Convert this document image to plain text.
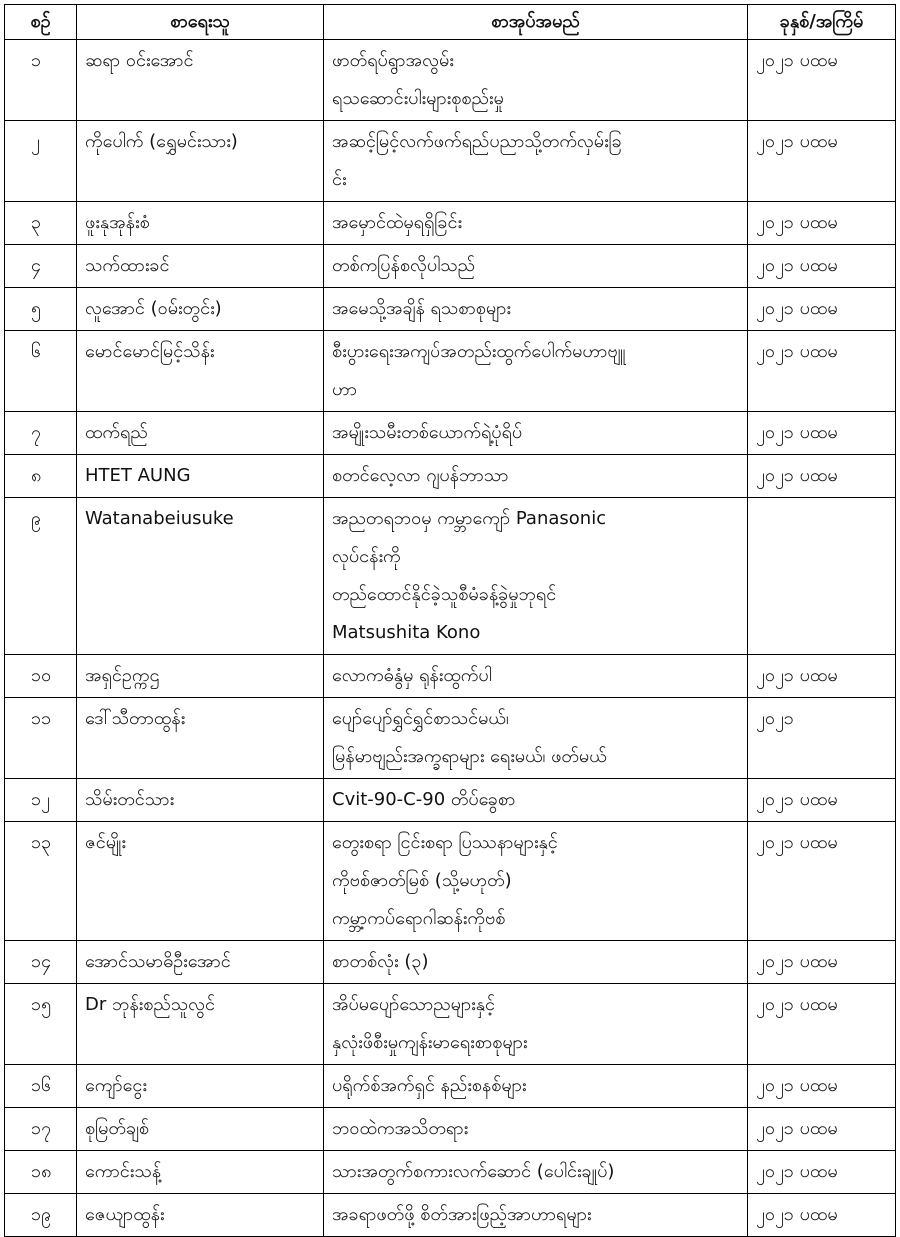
စဉ်	စာရေးသူ	စာအုပ်အမည်	ခုနှစ်/အကြိမ်
၁	ဆရာ ဝင်းအောင်	ဖာတ်ရပ်ရွာအလွမ်း
ရသဆောင်းပါးများစုစည်းမှု	၂၀၂၁ ပထမ
၂	ကိုပေါက် (ရွှေမင်းသား)	အဆင့်မြင့်လက်ဖက်ရည်ပညာသို့တက်လှမ်းခြ
င်း	၂၀၂၁ ပထမ
၃	ဖူးနုအုန်းစံ	အမှောင်ထဲမှရရှိခြင်း	၂၀၂၁ ပထမ
၄	သက်ထားခင်	တစ်ကပြန်စလိုပါသည်	၂၀၂၁ ပထမ
၅	လူအောင် (ဝမ်းတွင်း)	အမေသို့အချိန် ရသစာစုများ	၂၀၂၁ ပထမ
၆	မောင်မောင်မြင့်သိန်း	စီးပွားရေးအကျပ်အတည်းထွက်ပေါက်မဟာဗျူ
ဟာ	၂၀၂၁ ပထမ
၇	ထက်ရည်	အမျိုးသမီးတစ်ယောက်ရဲ့ပုံရိပ်	၂၀၂၁ ပထမ
၈	HTET AUNG	စတင်လေ့လာ ဂျပန်ဘာသာ	၂၀၂၁ ပထမ
၉	Watanabeiusuke	အညတရဘဝမှ ကမ္ဘာကျော် Panasonic
လုပ်ငန်းကို
တည်ထောင်နိုင်ခဲ့သူစီမံခန့်ခွဲမှုဘုရင်
Matsushita Kono	

၁၀	အရှင်ဥက္ကဌ	လောကဓံနွံမှ ရုန်းထွက်ပါ	၂၀၂၁ ပထမ
၁၁	ဒေါ်သီတာထွန်း	ပျော်ပျော်ရွှင်ရွှင်စာသင်မယ်၊
မြန်မာဗျည်းအက္ခရာများ ရေးမယ်၊ ဖတ်မယ်	၂၀၂၁
၁၂	သိမ်းတင်သား	Cvit-90-C-90 တိပ်ခွေစာ	၂၀၂၁ ပထမ
၁၃	ဇင်မျိုး	တွေးစရာ ငြင်းစရာ ပြဿနာများနှင့်
ကိုဗစ်ဇာတ်မြစ် (သို့မဟုတ်)
ကမ္ဘာ့ကပ်ရောဂါဆန်းကိုဗစ်	၂၀၂၁ ပထမ
၁၄	အောင်သမာဓိဦးအောင်	စာတစ်လုံး (၃)	၂၀၂၁ ပထမ
၁၅	Dr ဘုန်းစည်သူလွင်	အိပ်မပျော်သောညများနှင့်
နှလုံးဖိစီးမှုကျန်းမာရေးစာစုများ	၂၀၂၁ ပထမ
၁၆	ကျော်ငွေး	ပရိုက်စ်အက်ရှင် နည်းစနစ်များ	၂၀၂၁ ပထမ
၁၇	စုမြတ်ချစ်	ဘဝထဲကအသိတရား	၂၀၂၁ ပထမ
၁၈	ကောင်းသန့်	သားအတွက်စကားလက်ဆောင် (ပေါင်းချုပ်)	၂၀၂၁ ပထမ
၁၉	ဇေယျာထွန်း	အခရာဖတ်ဖို့ စိတ်အားဖြည့်အာဟာရများ	၂၀၂၁ ပထမ
